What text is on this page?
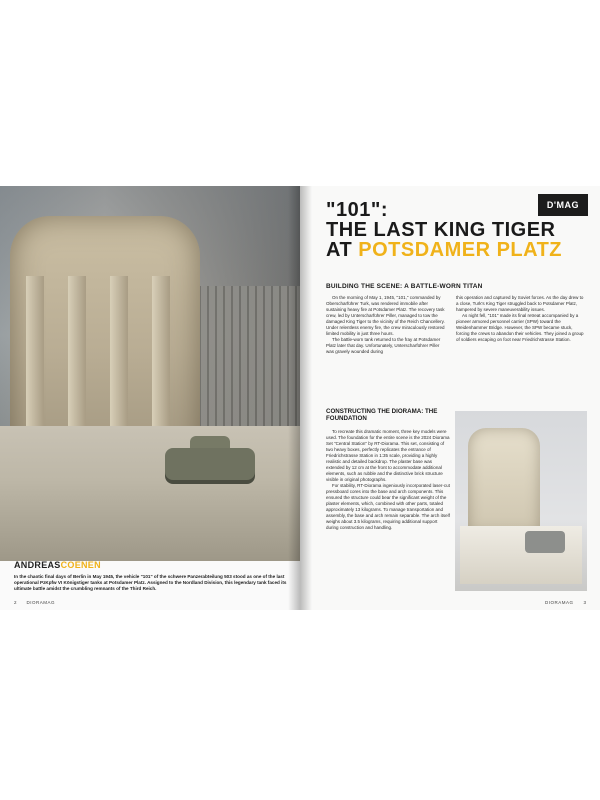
ANDREASCOENEN

In the chaotic final days of Berlin in May 1945, the vehicle "101" of the schwere Panzerabteilung 503 stood as one of the last operational PzKpfw VI Königstiger tanks at Potsdamer Platz. Assigned to the Nordland Division, this legendary tank faced its ultimate battle amidst the crumbling remnants of the Third Reich.

2 DIORAMAG
D'MAG
"101":
THE LAST KING TIGER
AT POTSDAMER PLATZ
BUILDING THE SCENE: A BATTLE-WORN TITAN

On the morning of May 1, 1945, "101," commanded by Oberscharführer Turk, was rendered immobile after sustaining heavy fire at Potsdamer Platz. The recovery task crew, led by Unterscharführer Piller, managed to tow the damaged King Tiger to the vicinity of the Reich Chancellery. Under relentless enemy fire, the crew miraculously restored limited mobility in just three hours.

The battle-worn tank returned to the fray at Potsdamer Platz later that day. Unfortunately, Unterscharführer Piller was gravely wounded during

this operation and captured by Soviet forces. As the day drew to a close, Turk's King Tiger struggled back to Potsdamer Platz, hampered by severe maneuverability issues.

As night fell, "101" made its final retreat accompanied by a pioneer armored personnel carrier (SPW) toward the Weidenhammer Bridge. However, the SPW became stuck, forcing the crews to abandon their vehicles. They joined a group of soldiers escaping on foot near Friedrichstrasse Station.

CONSTRUCTING THE DIORAMA: THE FOUNDATION

To recreate this dramatic moment, three key models were used. The foundation for the entire scene is the 2024 Diorama Set "Central Station" by RT-Diorama. This set, consisting of two heavy boxes, perfectly replicates the entrance of Friedrichstrasse Station in 1:35 scale, providing a highly realistic and detailed backdrop. The plaster base was extended by 12 cm at the front to accommodate additional elements, such as rubble and the distinctive brick structure visible in original photographs.

For stability, RT-Diorama ingeniously incorporated laser-cut pressboard cores into the base and arch components. This ensured the structure could bear the significant weight of the plaster elements, which, combined with other parts, totaled approximately 13 kilograms. To manage transportation and assembly, the base and arch remain separable. The arch itself weighs about 3.5 kilograms, requiring additional support during construction and handling.

DIORAMAG 3
